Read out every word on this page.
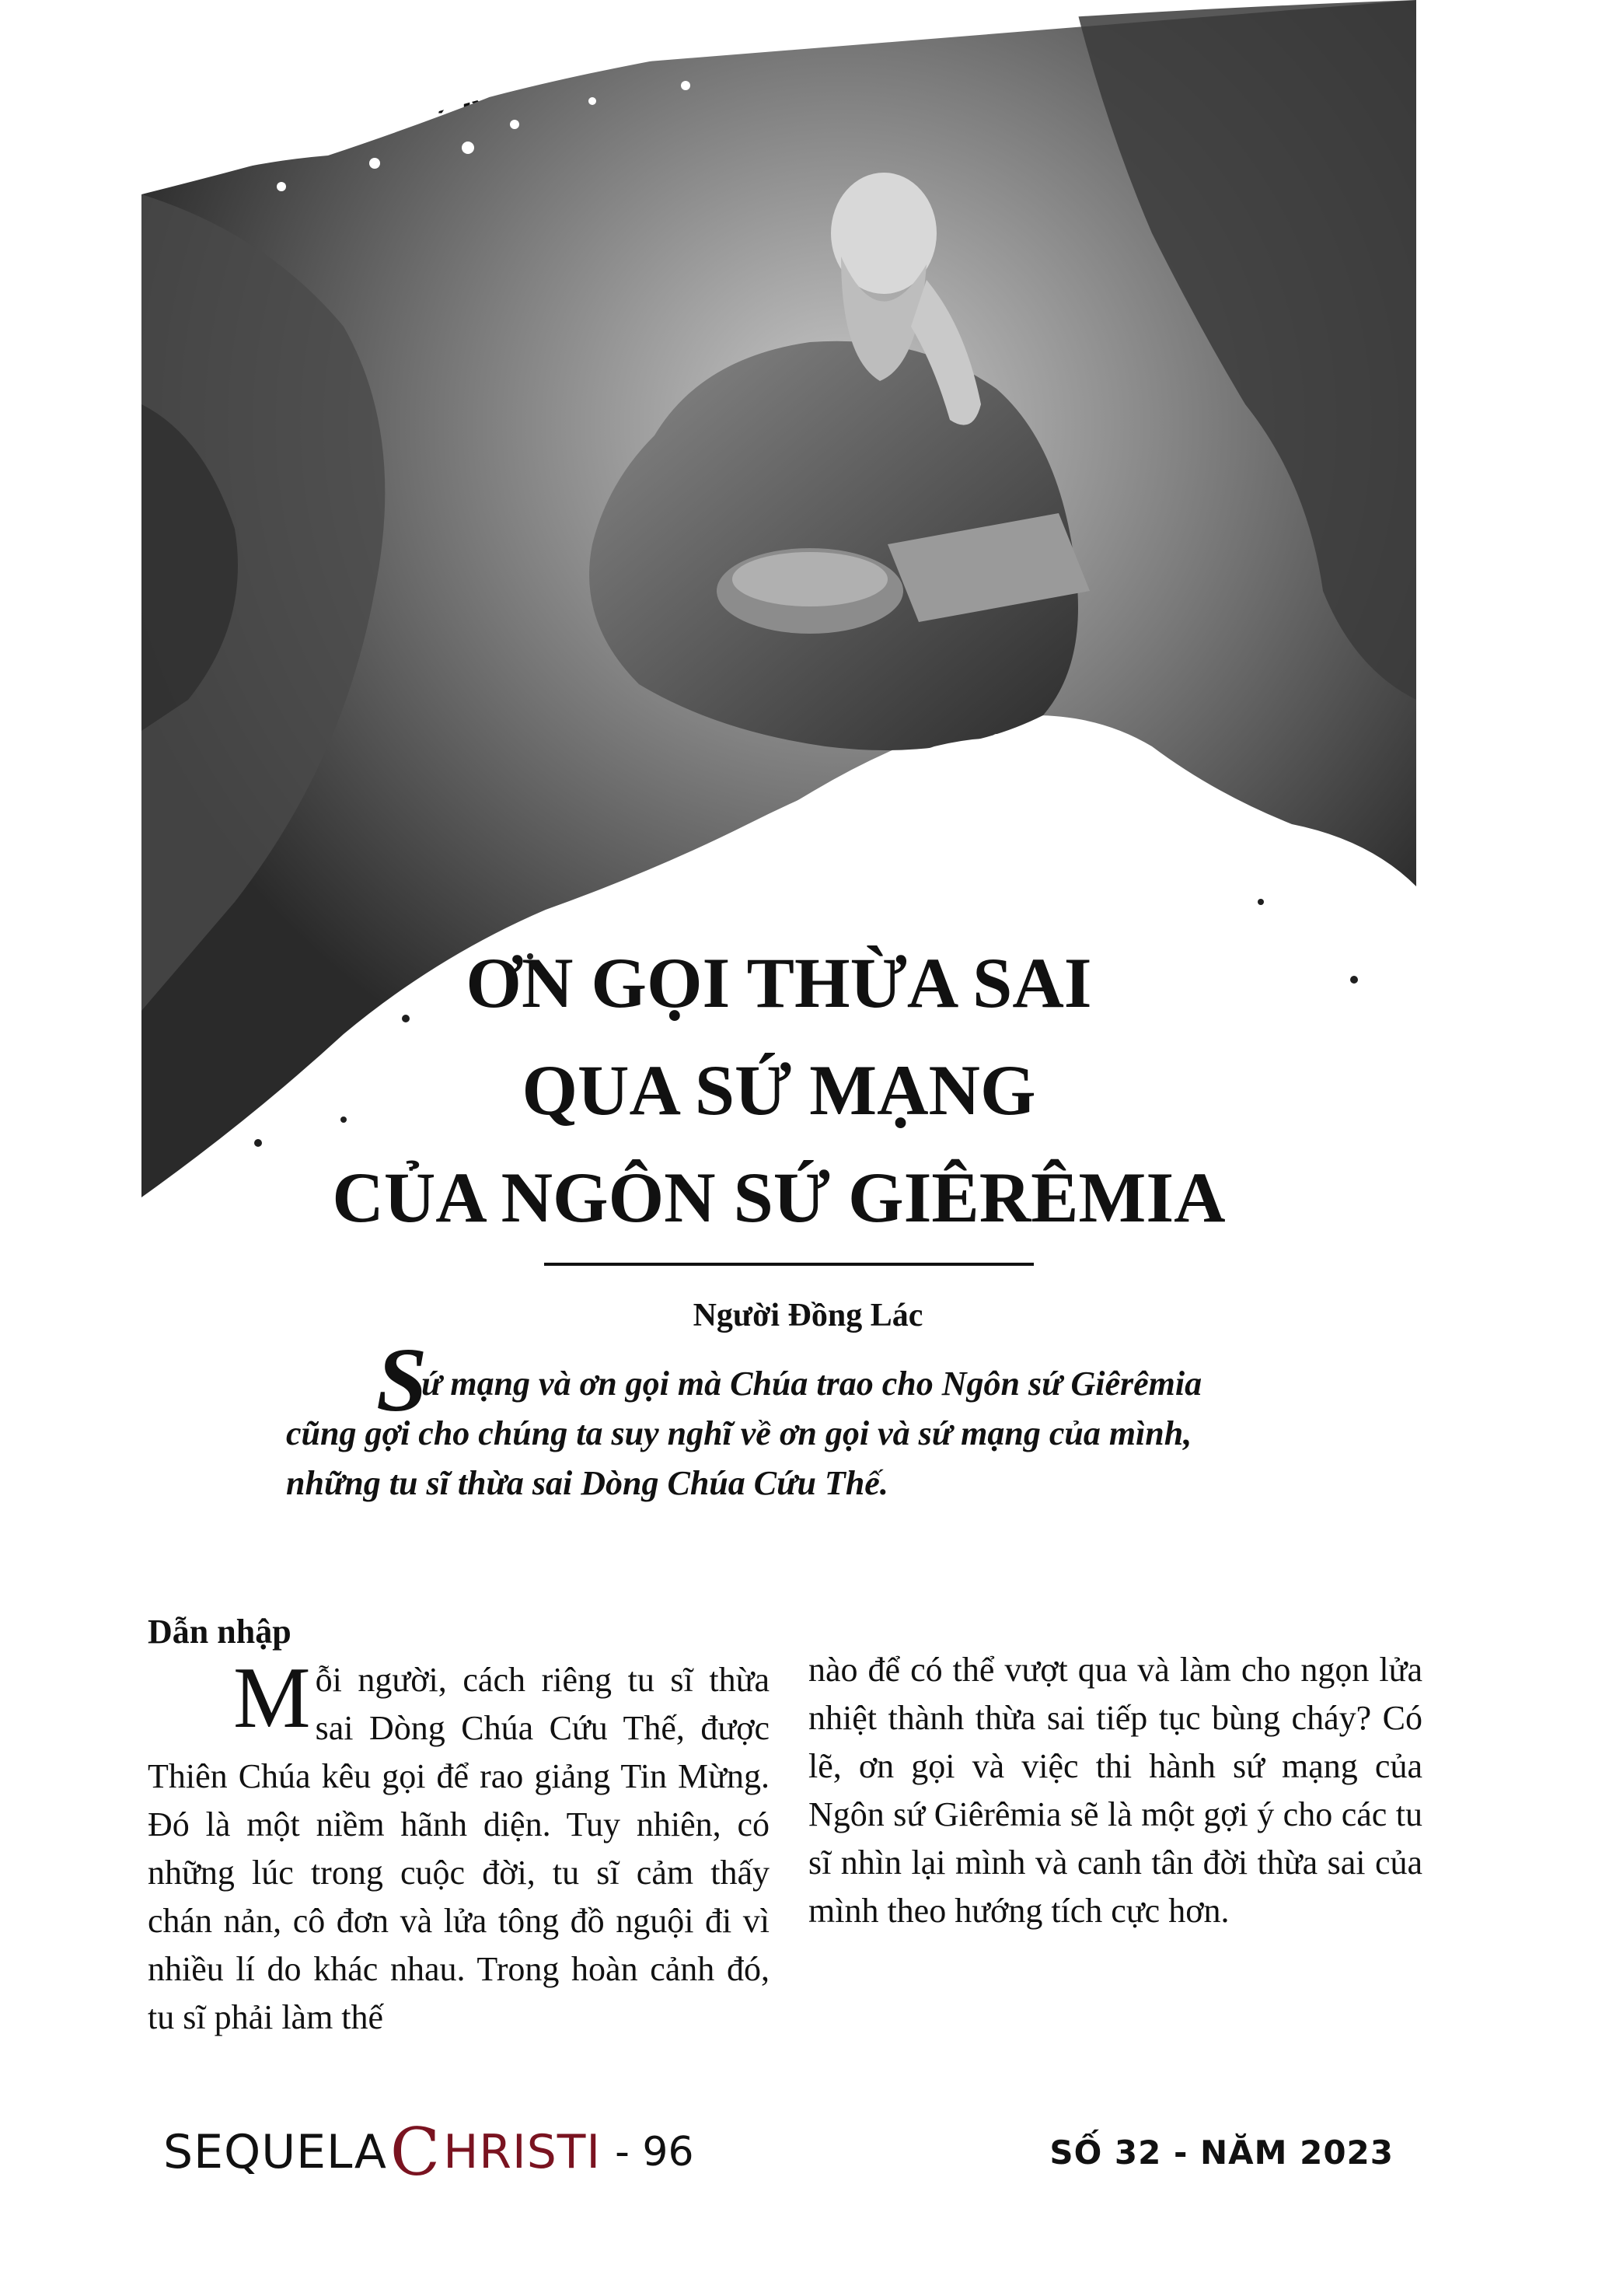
ƠN GỌI THỪA SAI
QUA SỨ MẠNG
CỦA NGÔN SỨ GIÊRÊMIA
Người Đồng Lác
S
ứ mạng và ơn gọi mà Chúa trao cho Ngôn sứ Giêrêmia
cũng gợi cho chúng ta suy nghĩ về ơn gọi và sứ mạng của mình,
những tu sĩ thừa sai Dòng Chúa Cứu Thế.
Dẫn nhập
Mỗi người, cách riêng tu sĩ thừa sai Dòng Chúa Cứu Thế, được Thiên Chúa kêu gọi để rao giảng Tin Mừng. Đó là một niềm hãnh diện. Tuy nhiên, có những lúc trong cuộc đời, tu sĩ cảm thấy chán nản, cô đơn và lửa tông đồ nguội đi vì nhiều lí do khác nhau. Trong hoàn cảnh đó, tu sĩ phải làm thế
nào để có thể vượt qua và làm cho ngọn lửa nhiệt thành thừa sai tiếp tục bùng cháy? Có lẽ, ơn gọi và việc thi hành sứ mạng của Ngôn sứ Giêrêmia sẽ là một gợi ý cho các tu sĩ nhìn lại mình và canh tân đời thừa sai của mình theo hướng tích cực hơn.
SEQUELA C HRISTI - 96	SỐ 32 - NĂM 2023
